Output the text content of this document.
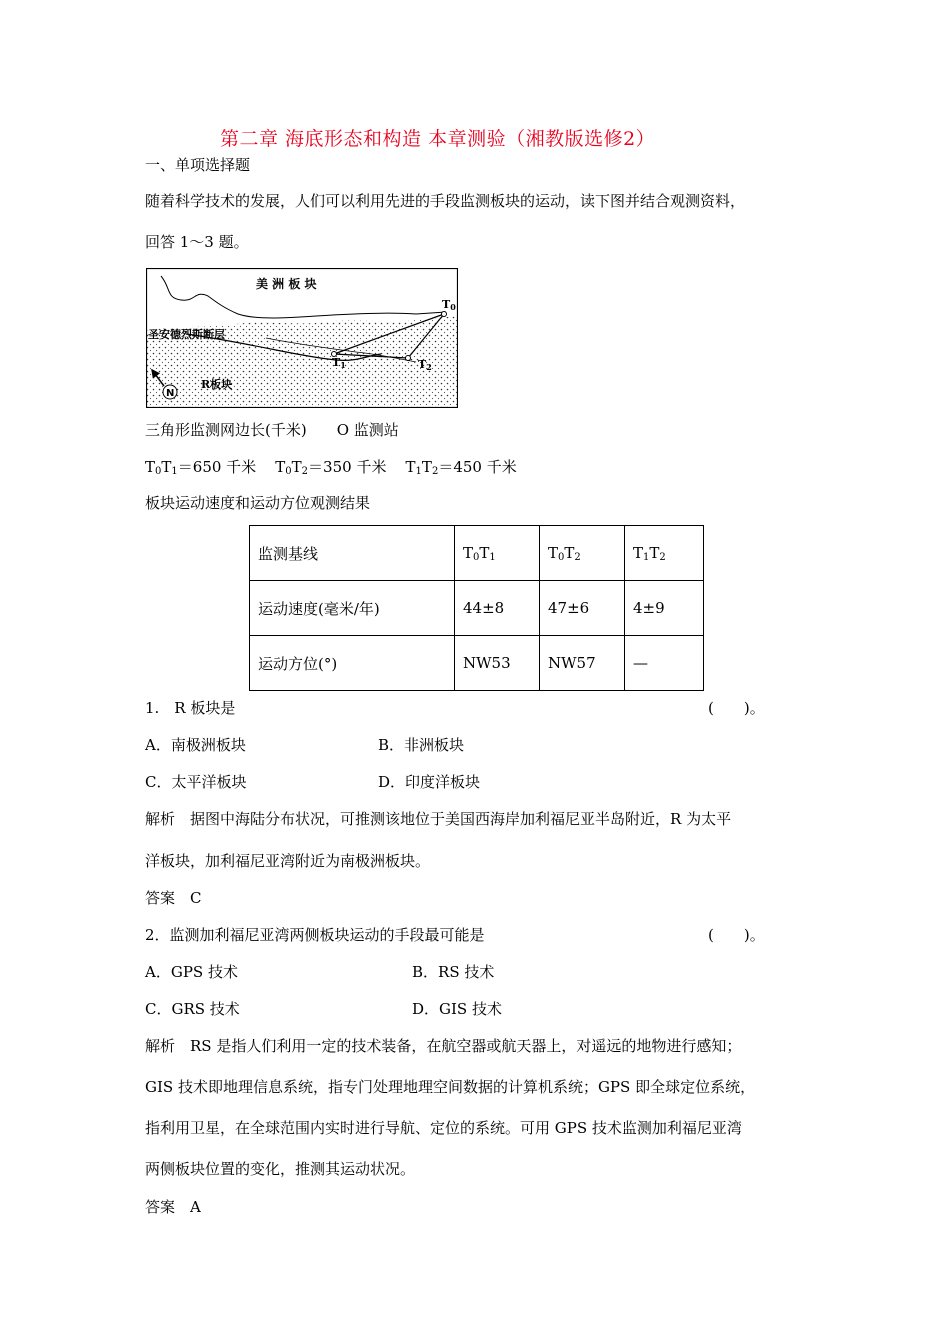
第二章 海底形态和构造 本章测验（湘教版选修2）
一、单项选择题
随着科学技术的发展，人们可以利用先进的手段监测板块的运动，读下图并结合观测资料，
回答 1～3 题。
美 洲 板 块
圣安德烈斯断层
R板块
T0
T1	T2
N
三角形监测网边长(千米)　　O 监测站
$T_0T_1=650$ 千米 $T_0T_2=350$ 千米 $T_1T_2=450$ 千米
板块运动速度和运动方位观测结果
监测基线	$T_0T_1$	$T_0T_2$	$T_1T_2$
运动速度(毫米/年)	44±8	47±6	4±9
运动方位(°)	NW53	NW57	—
1.　R 板块是	(　　)。
A．南极洲板块	B．非洲板块
C．太平洋板块	D．印度洋板块
解析　据图中海陆分布状况，可推测该地位于美国西海岸加利福尼亚半岛附近，R 为太平
洋板块，加利福尼亚湾附近为南极洲板块。
答案　C
2．监测加利福尼亚湾两侧板块运动的手段最可能是	(　　)。
A．GPS 技术	B．RS 技术
C．GRS 技术	D．GIS 技术
解析　RS 是指人们利用一定的技术装备，在航空器或航天器上，对遥远的地物进行感知；
GIS 技术即地理信息系统，指专门处理地理空间数据的计算机系统；GPS 即全球定位系统，
指利用卫星，在全球范围内实时进行导航、定位的系统。可用 GPS 技术监测加利福尼亚湾
两侧板块位置的变化，推测其运动状况。
答案　A
